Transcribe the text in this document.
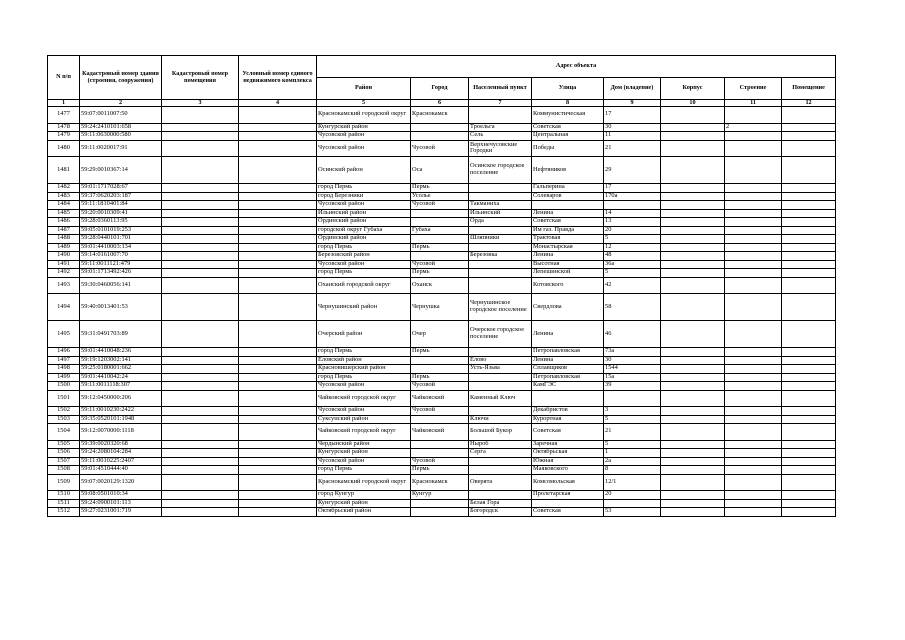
N п/п	Кадастровый номер здания (строения, сооружения)	Кадастровый номер помещения	Условный номер единого недвижимого комплекса	Адрес объекта							
				Район	Город	Населенный пункт	Улица	Дом (владение)	Корпус	Строение	Помещение
1	2	3	4	5	6	7	8	9	10	11	12
1477	59:07:0011007:50			Краснокамский городской округ	Краснокамск		Коммунистическая	17			
1478	59:24:2410101:658			Кунгурский район		Троельга	Советская	30		2	
1479	59:11:0630000:580			Чусовской район		Сель	Центральная	11			
1480	59:11:0020017:91			Чусовской район	Чусовой	Верхнечусовские Городки	Победы	21			
1481	59:29:0010367:14			Осинский район	Оса	Осинское городское поселение	Нефтяников	29			
1482	59:01:1717028:67			город Пермь	Пермь		Гальперина	17			
1483	59:37:0620203:187			город Березники	Усолье		Солеваров	170а			
1484	59:11:1810401:84			Чусовской район	Чусовой	Такманиха					
1485	59:20:0010309:41			Ильинский район		Ильинский	Ленина	14			
1486	59:28:0360113:95			Ординский район		Орда	Советская	13			
1487	59:05:0101019:253			городской округ Губаха	Губаха		Им газ. Правда	20			
1488	59:28:0440101:701			Ординский район		Шляпники	Трактовая	5			
1489	59:01:4410003:134			город Пермь	Пермь		Монастырская	12			
1490	59:14:0161007:70			Березовский район		Березовка	Ленина	48			
1491	59:11:0011121:479			Чусовской район	Чусовой		Высотная	36а			
1492	59:01:1713492:426			город Пермь	Пермь		Лепешинской	5			
1493	59:30:0460056:141			Оханский городской округ	Оханск		Котовского	42			
1494	59:40:0013401:53			Чернушинский район	Чернушка	Чернушинское городское поселение	Свердлова	58			
1495	59:31:0491703:89			Очерский район	Очер	Очерское городское поселение	Ленина	46			
1496	59:01:4410048:236			город Пермь	Пермь		Петропавловская	73а			
1497	59:19:1203002:141			Еловский район		Елово	Ленина	30			
1498	59:25:0180001:662			Красновишерский район		Усть-Язьва	Сплавщиков	1544			
1499	59:01:4410042:24			город Пермь	Пермь		Петропавловская	15а			
1500	59:11:0011118:307			Чусовской район	Чусовой		КамГЭС	39			
1501	59:12:0450000:206			Чайковский городской округ	Чайковский	Каменный Ключ					
1502	59:11:0010230:2422			Чусовской район	Чусовой		Декабристов	3			
1503	59:35:0520101:1948			Суксунский район		Ключи	Курортная	5			
1504	59:12:0070000:1118			Чайковский городской округ	Чайковский	Большой Букор	Советская	21			
1505	59:39:0020320:68			Чердынский район		Ныроб	Заречная	5			
1506	59:24:2080104:284			Кунгурский район		Серга	Октябрьская	1			
1507	59:11:0010225:2407			Чусовской район	Чусовой		Южная	2а			
1508	59:01:4510444:40			город Пермь	Пермь		Маяковского	8			
1509	59:07:0020129:1320			Краснокамский городской округ	Краснокамск	Оверята	Комсомольская	12/1			
1510	59:08:0501010:34			город Кунгур	Кунгур		Пролетарская	20			
1511	59:24:0900101:113			Кунгурский район		Белая Гора					
1512	59:27:0231001:719			Октябрьский район		Богородск	Советская	53			
